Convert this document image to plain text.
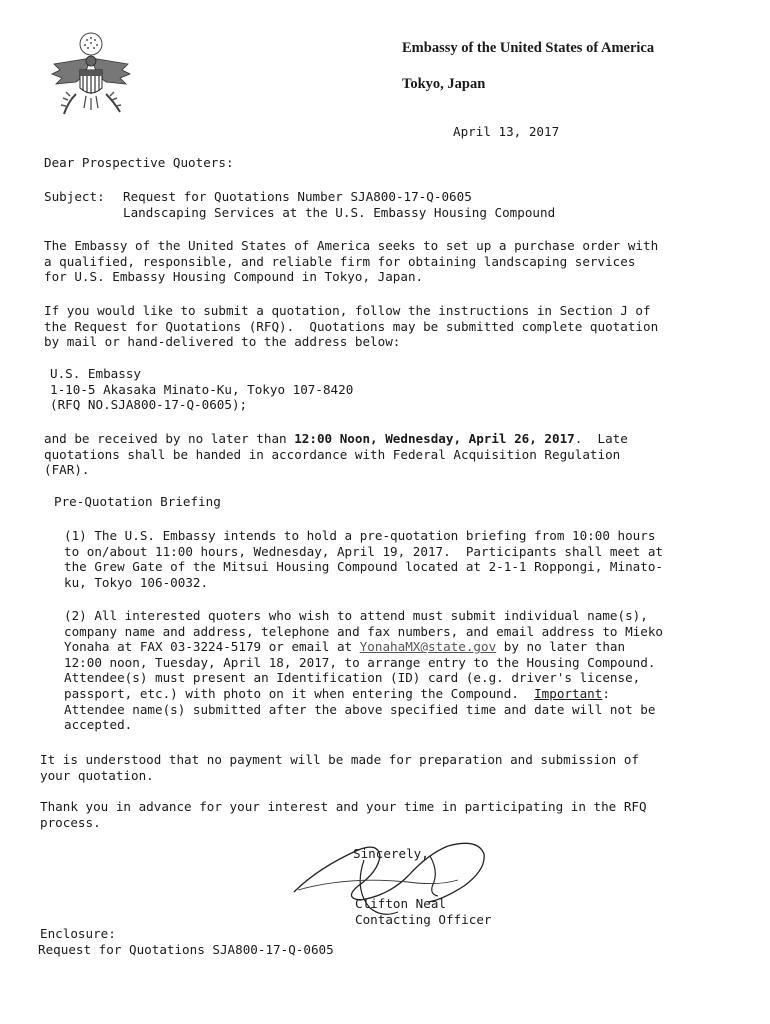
Embassy of the United States of America
Tokyo, Japan
April 13, 2017
Dear Prospective Quoters:
Subject: Request for Quotations Number SJA800-17-Q-0605
Landscaping Services at the U.S. Embassy Housing Compound
The Embassy of the United States of America seeks to set up a purchase order with
a qualified, responsible, and reliable firm for obtaining landscaping services
for U.S. Embassy Housing Compound in Tokyo, Japan.
If you would like to submit a quotation, follow the instructions in Section J of
the Request for Quotations (RFQ).  Quotations may be submitted complete quotation
by mail or hand-delivered to the address below:
U.S. Embassy
1-10-5 Akasaka Minato-Ku, Tokyo 107-8420
(RFQ NO.SJA800-17-Q-0605);
and be received by no later than 12:00 Noon, Wednesday, April 26, 2017.  Late
quotations shall be handed in accordance with Federal Acquisition Regulation
(FAR).
Pre-Quotation Briefing
(1) The U.S. Embassy intends to hold a pre-quotation briefing from 10:00 hours
to on/about 11:00 hours, Wednesday, April 19, 2017.  Participants shall meet at
the Grew Gate of the Mitsui Housing Compound located at 2-1-1 Roppongi, Minato-
ku, Tokyo 106-0032.
(2) All interested quoters who wish to attend must submit individual name(s),
company name and address, telephone and fax numbers, and email address to Mieko
Yonaha at FAX 03-3224-5179 or email at YonahaMX@state.gov by no later than
12:00 noon, Tuesday, April 18, 2017, to arrange entry to the Housing Compound.
Attendee(s) must present an Identification (ID) card (e.g. driver's license,
passport, etc.) with photo on it when entering the Compound.  Important:
Attendee name(s) submitted after the above specified time and date will not be
accepted.
It is understood that no payment will be made for preparation and submission of
your quotation.
Thank you in advance for your interest and your time in participating in the RFQ
process.
Sincerely,
Clifton Neal
Contacting Officer
Enclosure:
Request for Quotations SJA800-17-Q-0605
